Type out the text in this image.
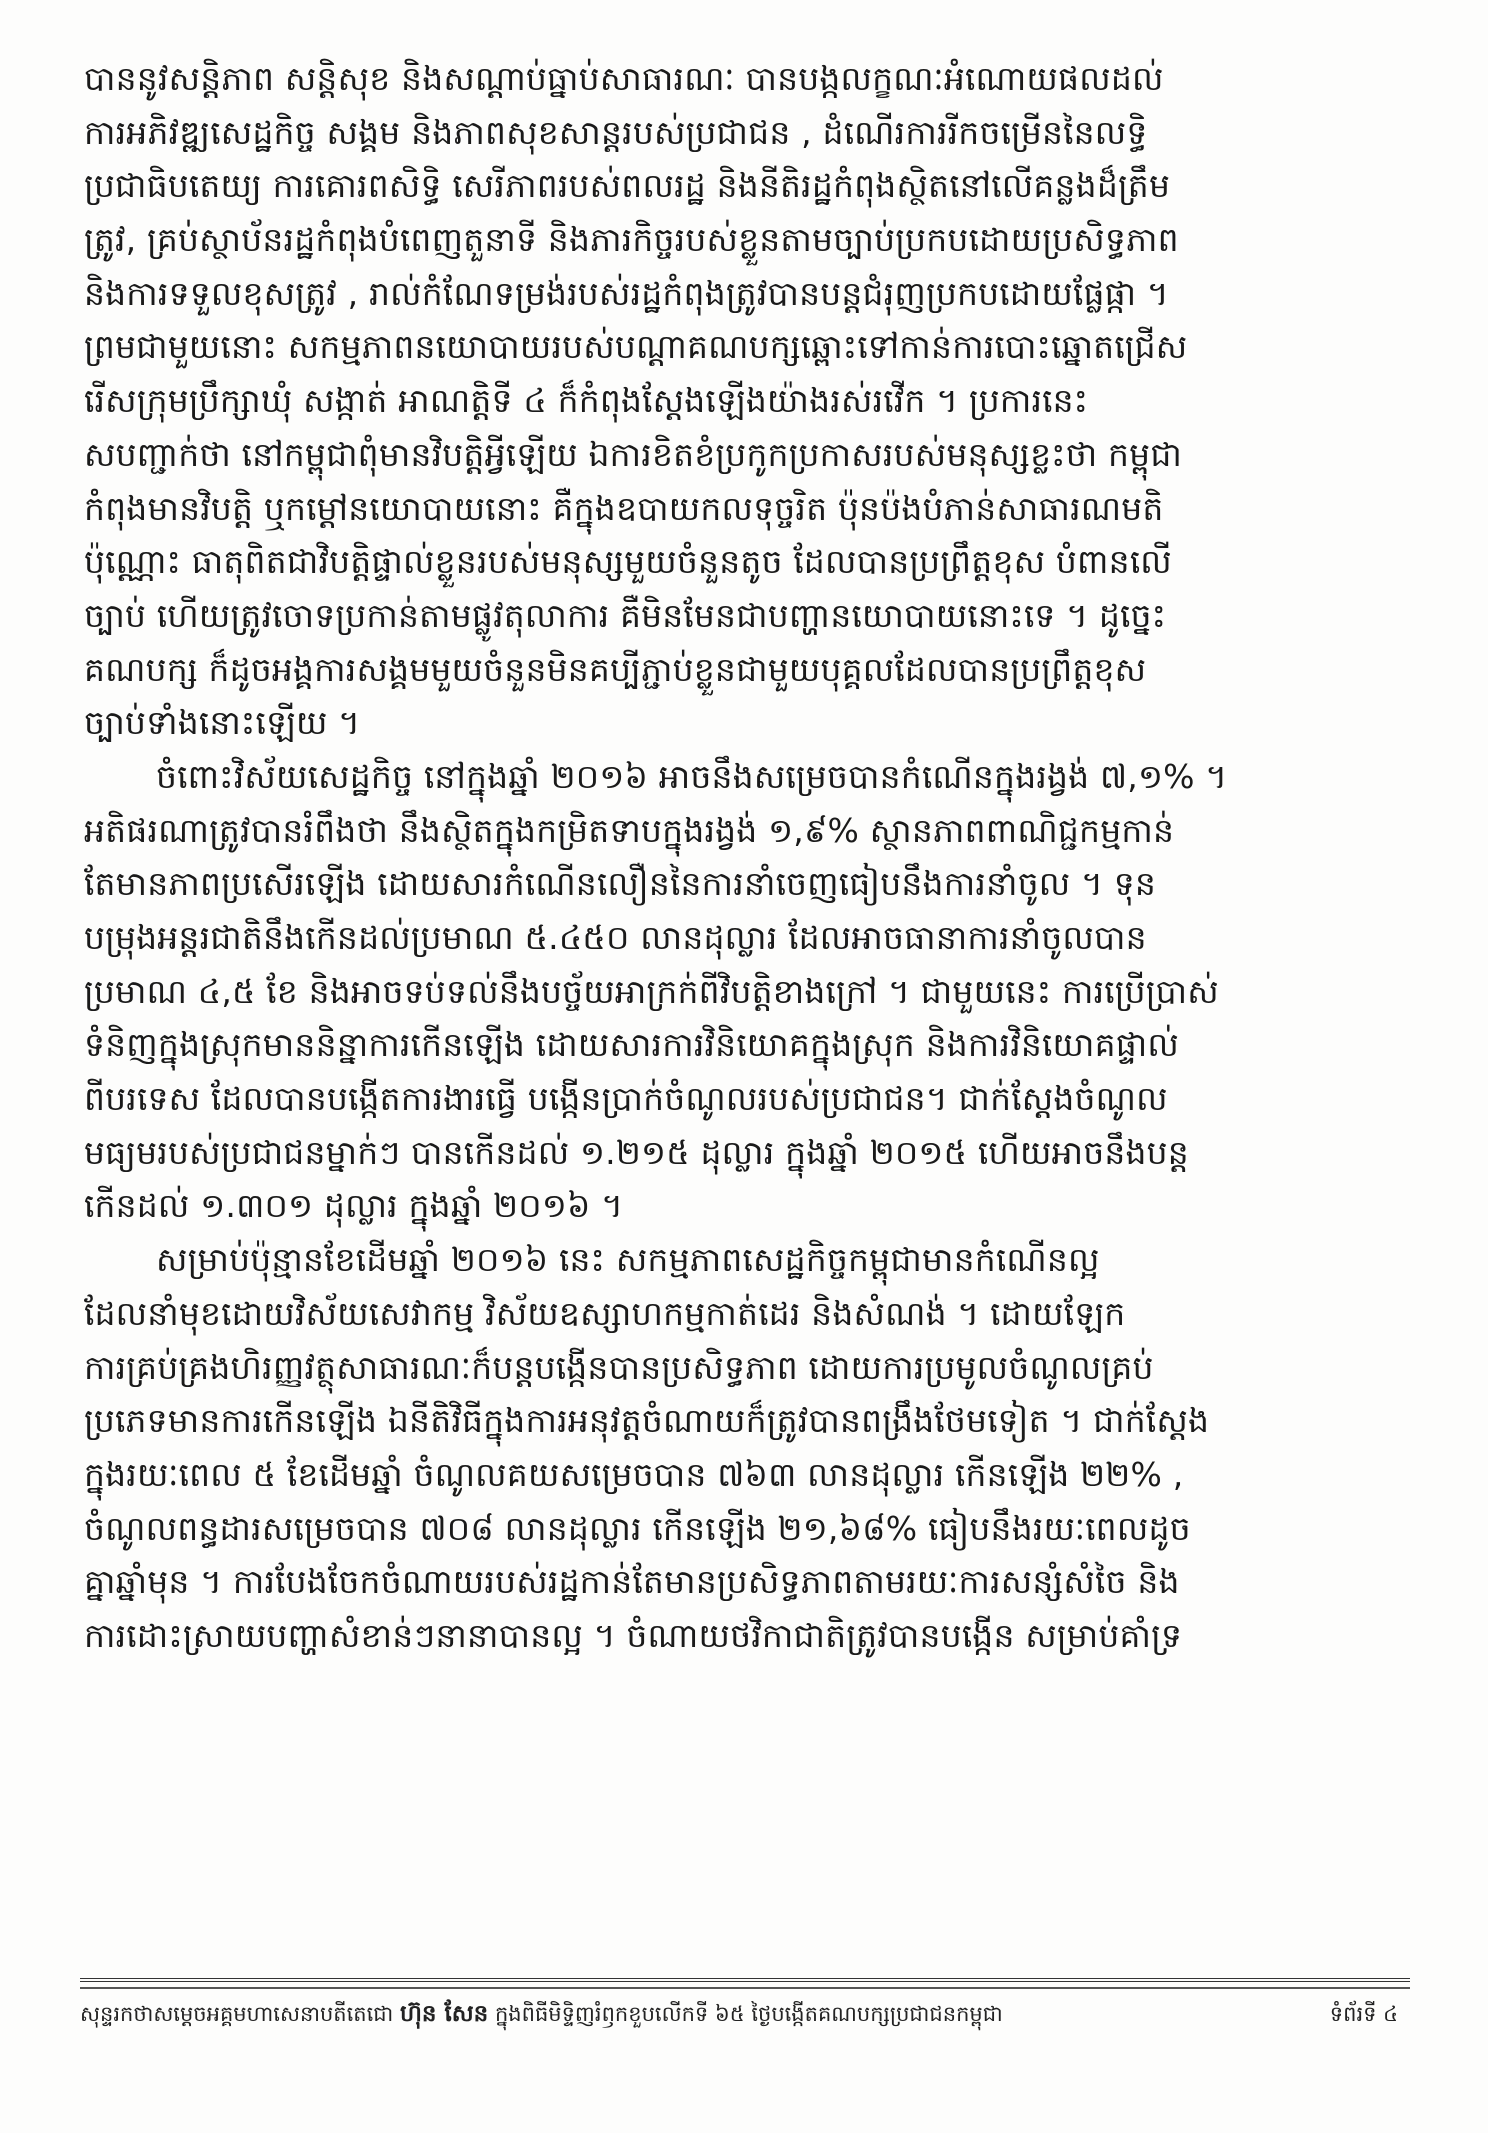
បាននូវសន្តិភាព សន្តិសុខ និងសណ្តាប់ធ្នាប់សាធារណៈ បានបង្កលក្ខណៈអំណោយផលដល់
ការអភិវឌ្ឍសេដ្ឋកិច្ច សង្គម និងភាពសុខសាន្តរបស់ប្រជាជន , ដំណើរការរីកចម្រើននៃលទ្ធិ
ប្រជាធិបតេយ្យ ការគោរពសិទ្ធិ សេរីភាពរបស់ពលរដ្ឋ និងនីតិរដ្ឋកំពុងស្ថិតនៅលើគន្លងដ៏ត្រឹម
ត្រូវ, គ្រប់ស្ថាប័នរដ្ឋកំពុងបំពេញតួនាទី និងភារកិច្ចរបស់ខ្លួនតាមច្បាប់ប្រកបដោយប្រសិទ្ធភាព
និងការទទួលខុសត្រូវ , រាល់កំណែទម្រង់របស់រដ្ឋកំពុងត្រូវបានបន្តជំរុញប្រកបដោយផ្លែផ្កា ។
ព្រមជាមួយនោះ សកម្មភាពនយោបាយរបស់បណ្តាគណបក្សឆ្ពោះទៅកាន់ការបោះឆ្នោតជ្រើស
រើសក្រុមប្រឹក្សាឃុំ សង្កាត់ អាណត្តិទី ៤ ក៏កំពុងស្តែងឡើងយ៉ាងរស់រវើក ។ ប្រការនេះ
សបញ្ជាក់ថា នៅកម្ពុជាពុំមានវិបត្តិអ្វីឡើយ ឯការខិតខំប្រកូកប្រកាសរបស់មនុស្សខ្លះថា កម្ពុជា
កំពុងមានវិបត្តិ ឬកម្តៅនយោបាយនោះ គឺក្នុងឧបាយកលទុច្ចរិត ប៉ុនប៉ងបំភាន់សាធារណមតិ
ប៉ុណ្ណោះ ធាតុពិតជាវិបត្តិផ្ទាល់ខ្លួនរបស់មនុស្សមួយចំនួនតូច ដែលបានប្រព្រឹត្តខុស បំពានលើ
ច្បាប់ ហើយត្រូវចោទប្រកាន់តាមផ្លូវតុលាការ គឺមិនមែនជាបញ្ហានយោបាយនោះទេ ។ ដូច្នេះ
គណបក្ស ក៏ដូចអង្គការសង្គមមួយចំនួនមិនគប្បីភ្ជាប់ខ្លួនជាមួយបុគ្គលដែលបានប្រព្រឹត្តខុស
ច្បាប់ទាំងនោះឡើយ ។
ចំពោះវិស័យសេដ្ឋកិច្ច នៅក្នុងឆ្នាំ ២០១៦ អាចនឹងសម្រេចបានកំណើនក្នុងរង្វង់ ៧,១% ។
អតិផរណាត្រូវបានរំពឹងថា នឹងស្ថិតក្នុងកម្រិតទាបក្នុងរង្វង់ ១,៩% ស្ថានភាពពាណិជ្ជកម្មកាន់
តែមានភាពប្រសើរឡើង ដោយសារកំណើនលឿននៃការនាំចេញធៀបនឹងការនាំចូល ។ ទុន
បម្រុងអន្តរជាតិនឹងកើនដល់ប្រមាណ ៥.៤៥០ លានដុល្លារ ដែលអាចធានាការនាំចូលបាន
ប្រមាណ ៤,៥ ខែ និងអាចទប់ទល់នឹងបច្ច័យអាក្រក់ពីវិបត្តិខាងក្រៅ ។ ជាមួយនេះ ការប្រើប្រាស់
ទំនិញក្នុងស្រុកមាននិន្នាការកើនឡើង ដោយសារការវិនិយោគក្នុងស្រុក និងការវិនិយោគផ្ទាល់
ពីបរទេស ដែលបានបង្កើតការងារធ្វើ បង្កើនប្រាក់ចំណូលរបស់ប្រជាជន។ ជាក់ស្តែងចំណូល
មធ្យមរបស់ប្រជាជនម្នាក់ៗ បានកើនដល់ ១.២១៥ ដុល្លារ ក្នុងឆ្នាំ ២០១៥ ហើយអាចនឹងបន្ត
កើនដល់ ១.៣០១ ដុល្លារ ក្នុងឆ្នាំ ២០១៦ ។
សម្រាប់ប៉ុន្មានខែដើមឆ្នាំ ២០១៦ នេះ សកម្មភាពសេដ្ឋកិច្ចកម្ពុជាមានកំណើនល្អ
ដែលនាំមុខដោយវិស័យសេវាកម្ម វិស័យឧស្សាហកម្មកាត់ដេរ និងសំណង់ ។ ដោយឡែក
ការគ្រប់គ្រងហិរញ្ញវត្ថុសាធារណៈក៏បន្តបង្កើនបានប្រសិទ្ធភាព ដោយការប្រមូលចំណូលគ្រប់
ប្រភេទមានការកើនឡើង ឯនីតិវិធីក្នុងការអនុវត្តចំណាយក៏ត្រូវបានពង្រឹងថែមទៀត ។ ជាក់ស្តែង
ក្នុងរយៈពេល ៥ ខែដើមឆ្នាំ ចំណូលគយសម្រេចបាន ៧៦៣ លានដុល្លារ កើនឡើង ២២% ,
ចំណូលពន្ធដារសម្រេចបាន ៧០៨ លានដុល្លារ កើនឡើង ២១,៦៨% ធៀបនឹងរយៈពេលដូច
គ្នាឆ្នាំមុន ។ ការបែងចែកចំណាយរបស់រដ្ឋកាន់តែមានប្រសិទ្ធភាពតាមរយៈការសន្សំសំចៃ និង
ការដោះស្រាយបញ្ហាសំខាន់ៗនានាបានល្អ ។ ចំណាយថវិកាជាតិត្រូវបានបង្កើន សម្រាប់គាំទ្រ
សុន្ទរកថាសម្តេចអគ្គមហាសេនាបតីតេជោ ហ៊ុន សែន ក្នុងពិធីមិទ្ទិញរំឭកខួបលើកទី ៦៥ ថ្ងៃបង្កើតគណបក្សប្រជាជនកម្ពុជា	ទំព័រទី ៤
